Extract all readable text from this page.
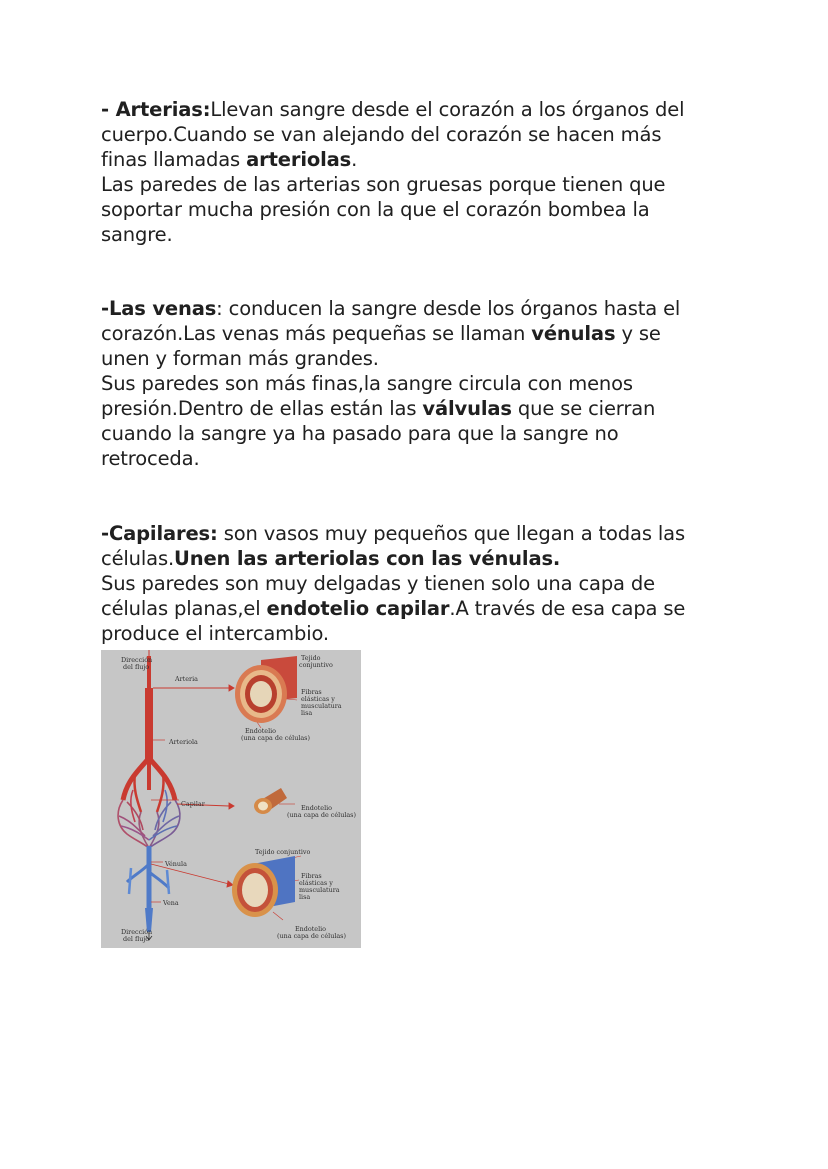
- Arterias:Llevan sangre desde el corazón a los órganos del cuerpo.Cuando se van alejando del corazón se hacen más finas llamadas arteriolas.

Las paredes de las arterias son gruesas porque tienen que soportar mucha presión con la que el corazón bombea la sangre.

-Las venas: conducen la sangre desde los órganos hasta el corazón.Las venas más pequeñas se llaman vénulas y se unen y forman más grandes.

Sus paredes son más finas,la sangre circula con menos presión.Dentro de ellas están las válvulas que se cierran cuando la sangre ya ha pasado para que la sangre no retroceda.

-Capilares: son vasos muy pequeños que llegan a todas las células.Unen las arteriolas con las vénulas.

Sus paredes son muy delgadas y tienen solo una capa de células planas,el endotelio capilar.A través de esa capa se produce el intercambio.

Dirección
del flujo
Arteria
Arteriola
Capilar
Vénula
Vena
Dirección
del flujo
Tejido
conjuntivo
Fibras
elásticas y
musculatura
lisa
Endotelio
(una capa de células)
Endotelio
(una capa de células)
Tejido conjuntivo
Fibras
elásticas y
musculatura
lisa
Endotelio
(una capa de células)
